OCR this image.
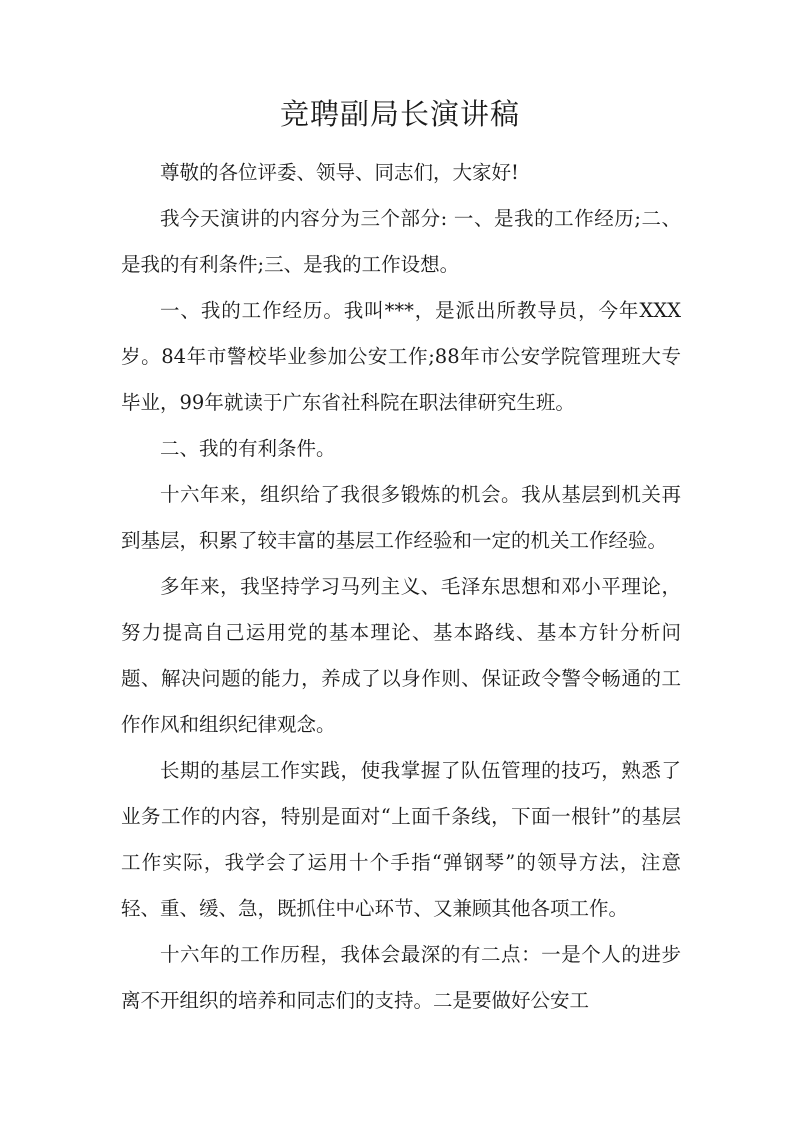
竞聘副局长演讲稿

尊敬的各位评委、领导、同志们，大家好!

我今天演讲的内容分为三个部分: 一、是我的工作经历;二、是我的有利条件;三、是我的工作设想。

一、我的工作经历。我叫***，是派出所教导员，今年XXX岁。84年市警校毕业参加公安工作;88年市公安学院管理班大专毕业，99年就读于广东省社科院在职法律研究生班。

二、我的有利条件。

十六年来，组织给了我很多锻炼的机会。我从基层到机关再到基层，积累了较丰富的基层工作经验和一定的机关工作经验。

多年来，我坚持学习马列主义、毛泽东思想和邓小平理论，努力提高自己运用党的基本理论、基本路线、基本方针分析问题、解决问题的能力，养成了以身作则、保证政令警令畅通的工作作风和组织纪律观念。

长期的基层工作实践，使我掌握了队伍管理的技巧，熟悉了业务工作的内容，特别是面对“上面千条线，下面一根针”的基层工作实际，我学会了运用十个手指“弹钢琴”的领导方法，注意轻、重、缓、急，既抓住中心环节、又兼顾其他各项工作。

十六年的工作历程，我体会最深的有二点：一是个人的进步离不开组织的培养和同志们的支持。二是要做好公安工
